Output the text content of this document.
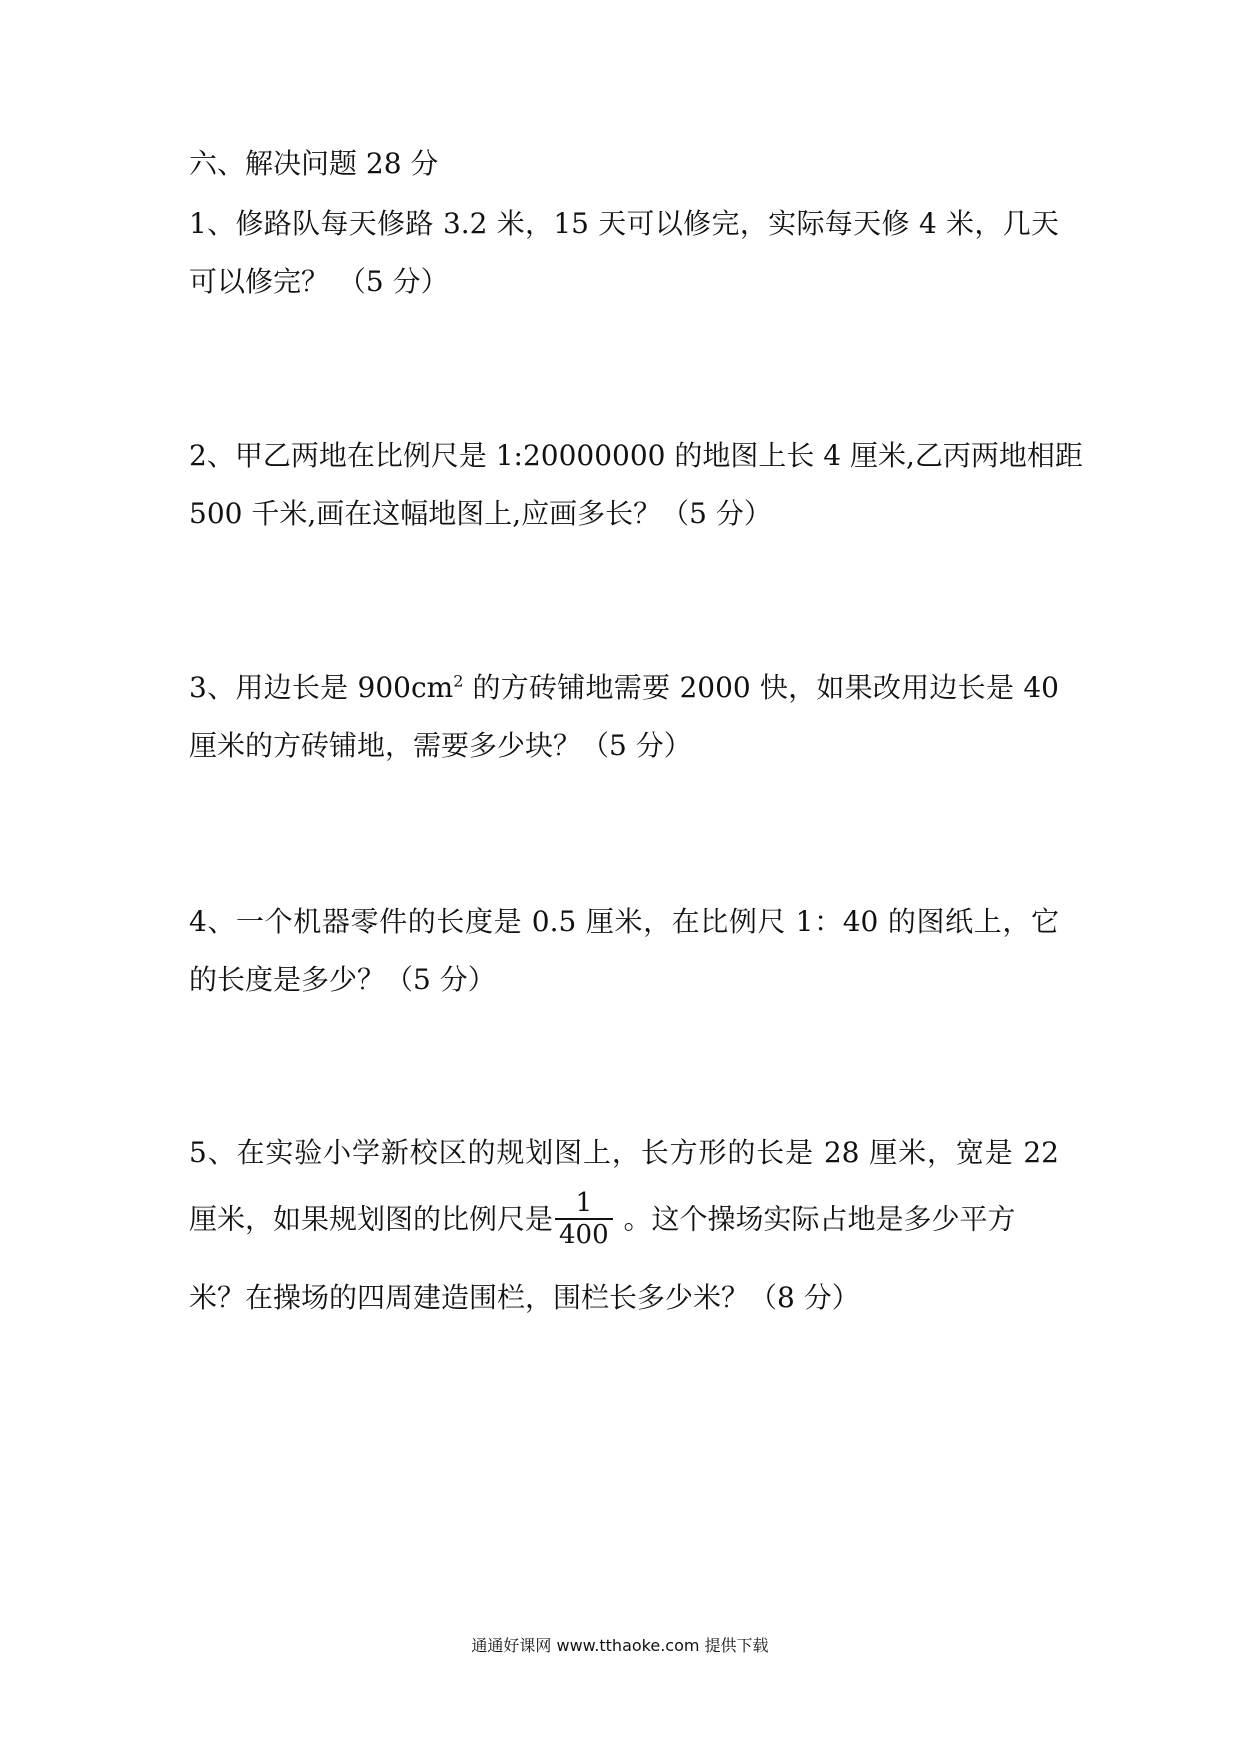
六、解决问题 28 分
1、修路队每天修路 3.2 米，15 天可以修完，实际每天修 4 米，几天
可以修完？ （5 分）
2、甲乙两地在比例尺是 1:20000000 的地图上长 4 厘米,乙丙两地相距
500 千米,画在这幅地图上,应画多长？（5 分）
3、用边长是 $900cm^2$ 的方砖铺地需要 2000 快，如果改用边长是 40
厘米的方砖铺地，需要多少块？（5 分）
4、一个机器零件的长度是 0.5 厘米，在比例尺 1：40 的图纸上，它
的长度是多少？（5 分）
5、在实验小学新校区的规划图上，长方形的长是 28 厘米，宽是 22
厘米，如果规划图的比例尺是 $\frac{1}{400}$ 。这个操场实际占地是多少平方
米？在操场的四周建造围栏，围栏长多少米？（8 分）
通通好课网 www.tthaoke.com 提供下载
